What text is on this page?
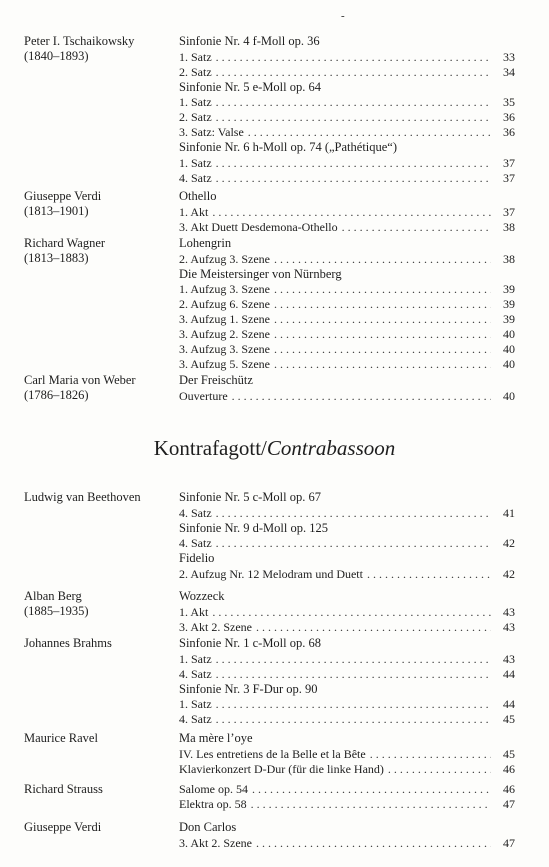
-
Peter I. Tschaikowsky
(1840–1893)
Sinfonie Nr. 4 f-Moll op. 36
1. Satz . . .	33
2. Satz . . .	34
Sinfonie Nr. 5 e-Moll op. 64
1. Satz . . .	35
2. Satz . . .	36
3. Satz: Valse . . .	36
Sinfonie Nr. 6 h-Moll op. 74 („Pathétique“)
1. Satz . . .	37
4. Satz . . .	37
Giuseppe Verdi
(1813–1901)
Othello
1. Akt . . .	37
3. Akt Duett Desdemona-Othello . . .	38
Richard Wagner
(1813–1883)
Lohengrin
2. Aufzug 3. Szene . . .	38
Die Meistersinger von Nürnberg
1. Aufzug 3. Szene . . .	39
2. Aufzug 6. Szene . . .	39
3. Aufzug 1. Szene . . .	39
3. Aufzug 2. Szene . . .	40
3. Aufzug 3. Szene . . .	40
3. Aufzug 5. Szene . . .	40
Carl Maria von Weber
(1786–1826)
Der Freischütz
Ouverture . . .	40
Kontrafagott/Contrabassoon
Ludwig van Beethoven	Sinfonie Nr. 5 c-Moll op. 67
4. Satz . . .	41
Sinfonie Nr. 9 d-Moll op. 125
4. Satz . . .	42
Fidelio
2. Aufzug Nr. 12 Melodram und Duett . . .	42
Alban Berg
(1885–1935)
Wozzeck
1. Akt . . .	43
3. Akt 2. Szene . . .	43
Johannes Brahms	Sinfonie Nr. 1 c-Moll op. 68
1. Satz . . .	43
4. Satz . . .	44
Sinfonie Nr. 3 F-Dur op. 90
1. Satz . . .	44
4. Satz . . .	45
Maurice Ravel	Ma mère l’oye
IV. Les entretiens de la Belle et la Bête . . .	45
Klavierkonzert D-Dur (für die linke Hand) . . .	46
Richard Strauss	Salome op. 54 . . .	46
Elektra op. 58 . . .	47
Giuseppe Verdi	Don Carlos
3. Akt 2. Szene . . .	47
